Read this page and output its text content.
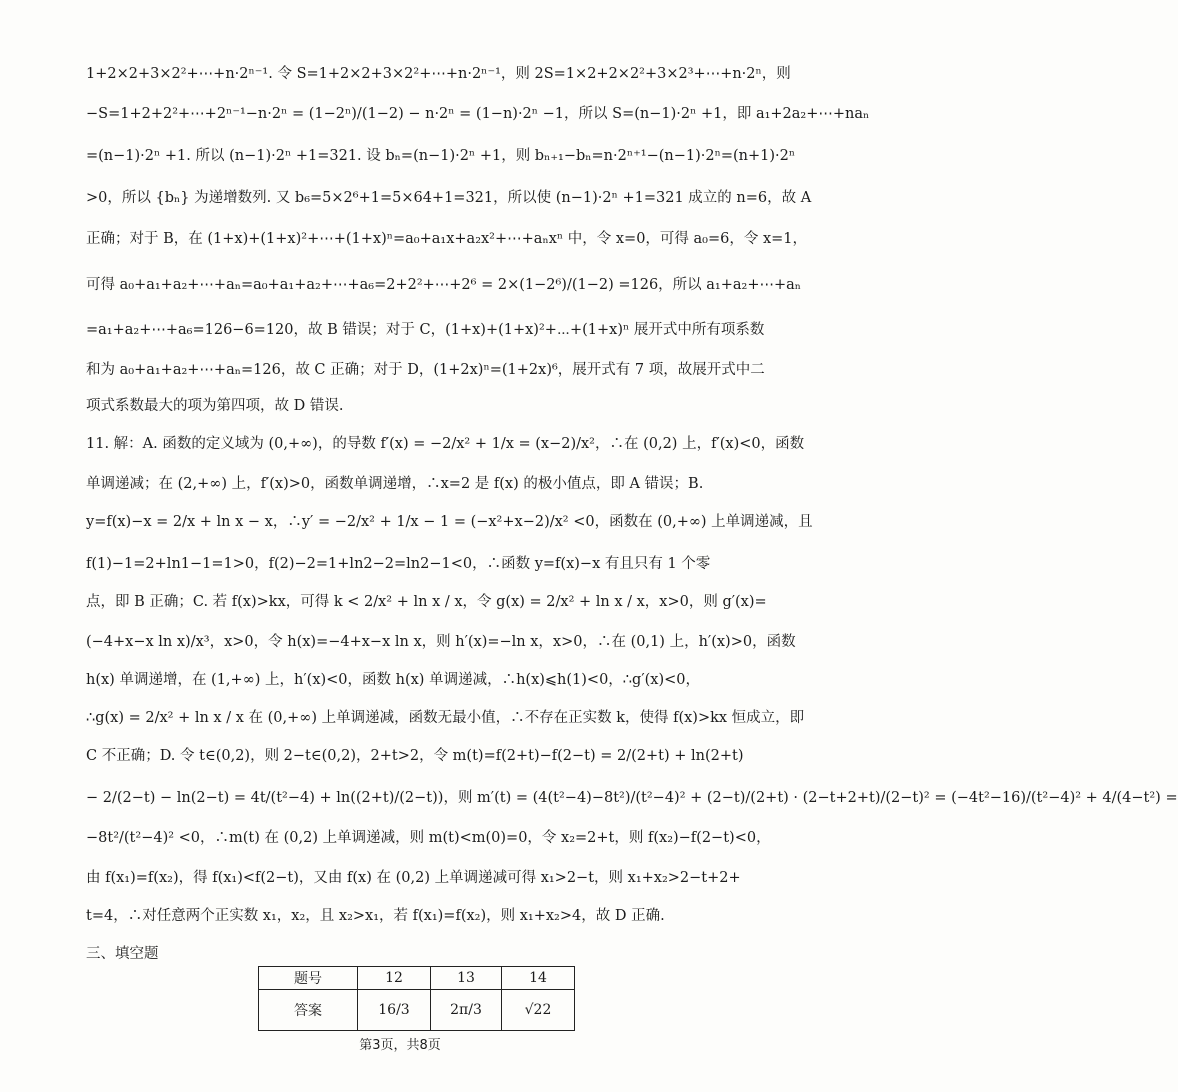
1+2×2+3×2²+⋯+n·2ⁿ⁻¹. 令 S=1+2×2+3×2²+⋯+n·2ⁿ⁻¹，则 2S=1×2+2×2²+3×2³+⋯+n·2ⁿ，则
−S=1+2+2²+⋯+2ⁿ⁻¹−n·2ⁿ = (1−2ⁿ)/(1−2) − n·2ⁿ = (1−n)·2ⁿ −1，所以 S=(n−1)·2ⁿ +1，即 a₁+2a₂+⋯+naₙ
=(n−1)·2ⁿ +1. 所以 (n−1)·2ⁿ +1=321. 设 bₙ=(n−1)·2ⁿ +1，则 bₙ₊₁−bₙ=n·2ⁿ⁺¹−(n−1)·2ⁿ=(n+1)·2ⁿ
>0，所以 {bₙ} 为递增数列. 又 b₆=5×2⁶+1=5×64+1=321，所以使 (n−1)·2ⁿ +1=321 成立的 n=6，故 A
正确；对于 B，在 (1+x)+(1+x)²+⋯+(1+x)ⁿ=a₀+a₁x+a₂x²+⋯+aₙxⁿ 中，令 x=0，可得 a₀=6，令 x=1，
可得 a₀+a₁+a₂+⋯+aₙ=a₀+a₁+a₂+⋯+a₆=2+2²+⋯+2⁶ = 2×(1−2⁶)/(1−2) =126，所以 a₁+a₂+⋯+aₙ
=a₁+a₂+⋯+a₆=126−6=120，故 B 错误；对于 C，(1+x)+(1+x)²+⋯+(1+x)ⁿ 展开式中所有项系数
和为 a₀+a₁+a₂+⋯+aₙ=126，故 C 正确；对于 D，(1+2x)ⁿ=(1+2x)⁶，展开式有 7 项，故展开式中二
项式系数最大的项为第四项，故 D 错误.
11. 解：A. 函数的定义域为 (0,+∞)，的导数 f′(x) = −2/x² + 1/x = (x−2)/x²，∴在 (0,2) 上，f′(x)<0，函数
单调递减；在 (2,+∞) 上，f′(x)>0，函数单调递增，∴x=2 是 f(x) 的极小值点，即 A 错误；B.
y=f(x)−x = 2/x + ln x − x，∴y′ = −2/x² + 1/x − 1 = (−x²+x−2)/x² <0，函数在 (0,+∞) 上单调递减，且
f(1)−1=2+ln1−1=1>0，f(2)−2=1+ln2−2=ln2−1<0，∴函数 y=f(x)−x 有且只有 1 个零
点，即 B 正确；C. 若 f(x)>kx，可得 k < 2/x² + ln x / x，令 g(x) = 2/x² + ln x / x，x>0，则 g′(x)=
(−4+x−x ln x)/x³，x>0，令 h(x)=−4+x−x ln x，则 h′(x)=−ln x，x>0，∴在 (0,1) 上，h′(x)>0，函数
h(x) 单调递增，在 (1,+∞) 上，h′(x)<0，函数 h(x) 单调递减，∴h(x)⩽h(1)<0，∴g′(x)<0，
∴g(x) = 2/x² + ln x / x 在 (0,+∞) 上单调递减，函数无最小值，∴不存在正实数 k，使得 f(x)>kx 恒成立，即
C 不正确；D. 令 t∈(0,2)，则 2−t∈(0,2)，2+t>2，令 m(t)=f(2+t)−f(2−t) = 2/(2+t) + ln(2+t)
− 2/(2−t) − ln(2−t) = 4t/(t²−4) + ln((2+t)/(2−t))，则 m′(t) = (4(t²−4)−8t²)/(t²−4)² + (2−t)/(2+t) · (2−t+2+t)/(2−t)² = (−4t²−16)/(t²−4)² + 4/(4−t²) =
−8t²/(t²−4)² <0，∴m(t) 在 (0,2) 上单调递减，则 m(t)<m(0)=0，令 x₂=2+t，则 f(x₂)−f(2−t)<0，
由 f(x₁)=f(x₂)，得 f(x₁)<f(2−t)，又由 f(x) 在 (0,2) 上单调递减可得 x₁>2−t，则 x₁+x₂>2−t+2+
t=4，∴对任意两个正实数 x₁，x₂，且 x₂>x₁，若 f(x₁)=f(x₂)，则 x₁+x₂>4，故 D 正确.
三、填空题
题号	12	13	14
答案	16/3	2π/3	√22
第3页，共8页
